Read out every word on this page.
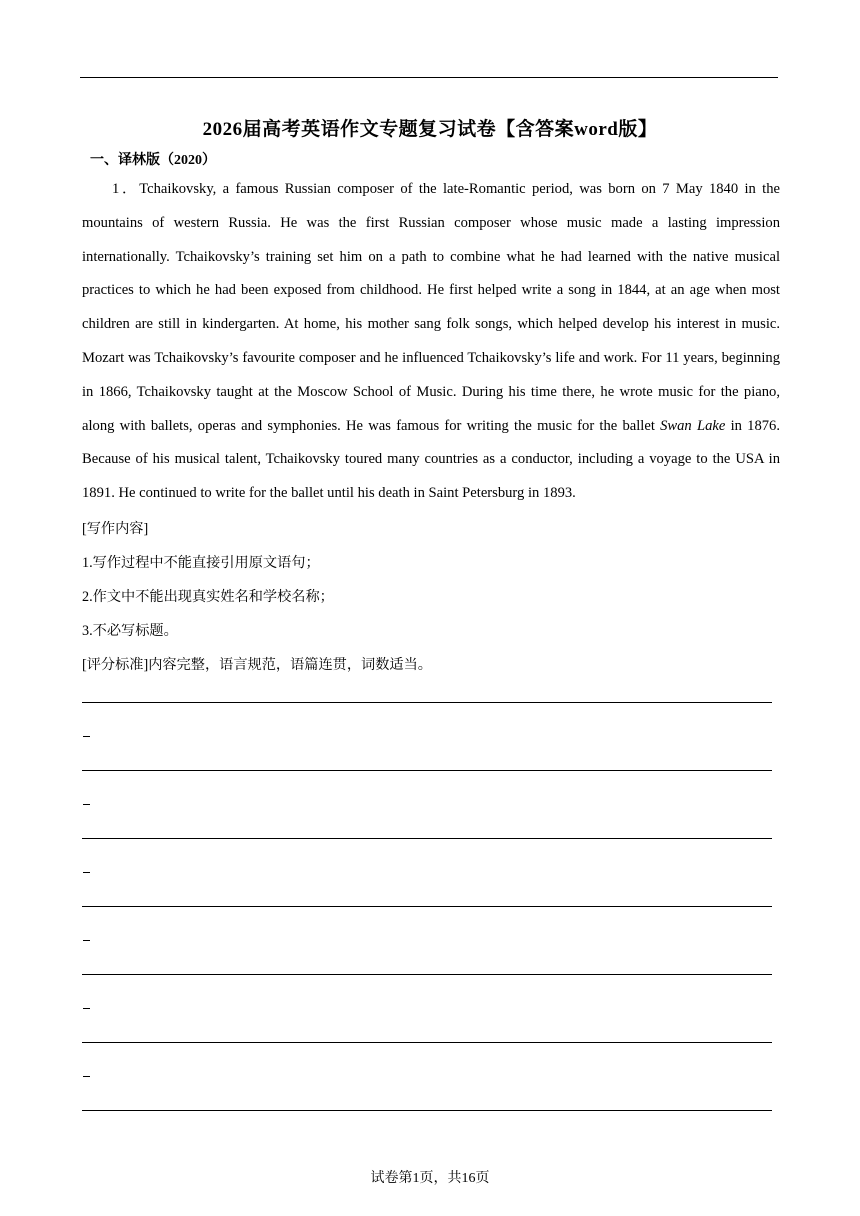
2026届高考英语作文专题复习试卷【含答案word版】
一、译林版（2020）

1．Tchaikovsky, a famous Russian composer of the late-Romantic period, was born on 7 May 1840 in the mountains of western Russia. He was the first Russian composer whose music made a lasting impression internationally. Tchaikovsky’s training set him on a path to combine what he had learned with the native musical practices to which he had been exposed from childhood. He first helped write a song in 1844, at an age when most children are still in kindergarten. At home, his mother sang folk songs, which helped develop his interest in music. Mozart was Tchaikovsky’s favourite composer and he influenced Tchaikovsky’s life and work. For 11 years, beginning in 1866, Tchaikovsky taught at the Moscow School of Music. During his time there, he wrote music for the piano, along with ballets, operas and symphonies. He was famous for writing the music for the ballet Swan Lake in 1876. Because of his musical talent, Tchaikovsky toured many countries as a conductor, including a voyage to the USA in 1891. He continued to write for the ballet until his death in Saint Petersburg in 1893.

[写作内容]
1.写作过程中不能直接引用原文语句；
2.作文中不能出现真实姓名和学校名称；
3.不必写标题。
[评分标准]内容完整，语言规范，语篇连贯，词数适当。
试卷第1页，共16页
